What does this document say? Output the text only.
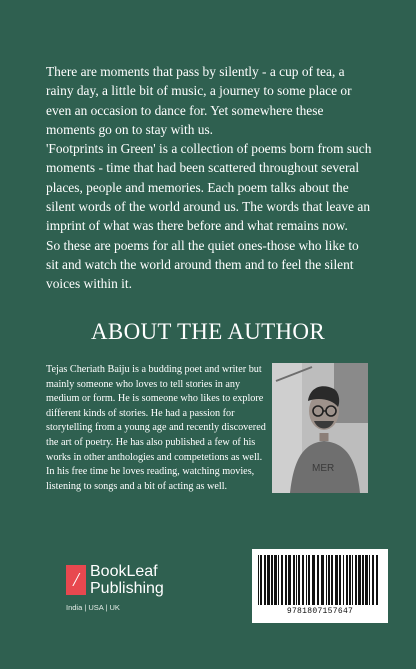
There are moments that pass by silently - a cup of tea, a rainy day, a little bit of music, a journey to some place or even an occasion to dance for. Yet somewhere these moments go on to stay with us.

'Footprints in Green' is a collection of poems born from such moments - time that had been scattered throughout several places, people and memories. Each poem talks about the silent words of the world around us. The words that leave an imprint of what was there before and what remains now.

So these are poems for all the quiet ones-those who like to sit and watch the world around them and to feel the silent voices within it.

ABOUT THE AUTHOR

Tejas Cheriath Baiju is a budding poet and writer but mainly someone who loves to tell stories in any medium or form. He is someone who likes to explore different kinds of stories. He had a passion for storytelling from a young age and recently discovered the art of poetry. He has also published a few of his works in other anthologies and competetions as well.

In his free time he loves reading, watching movies, listening to songs and a bit of acting as well.

MER
/ BookLeaf
Publishing
India | USA | UK	9781807157647
